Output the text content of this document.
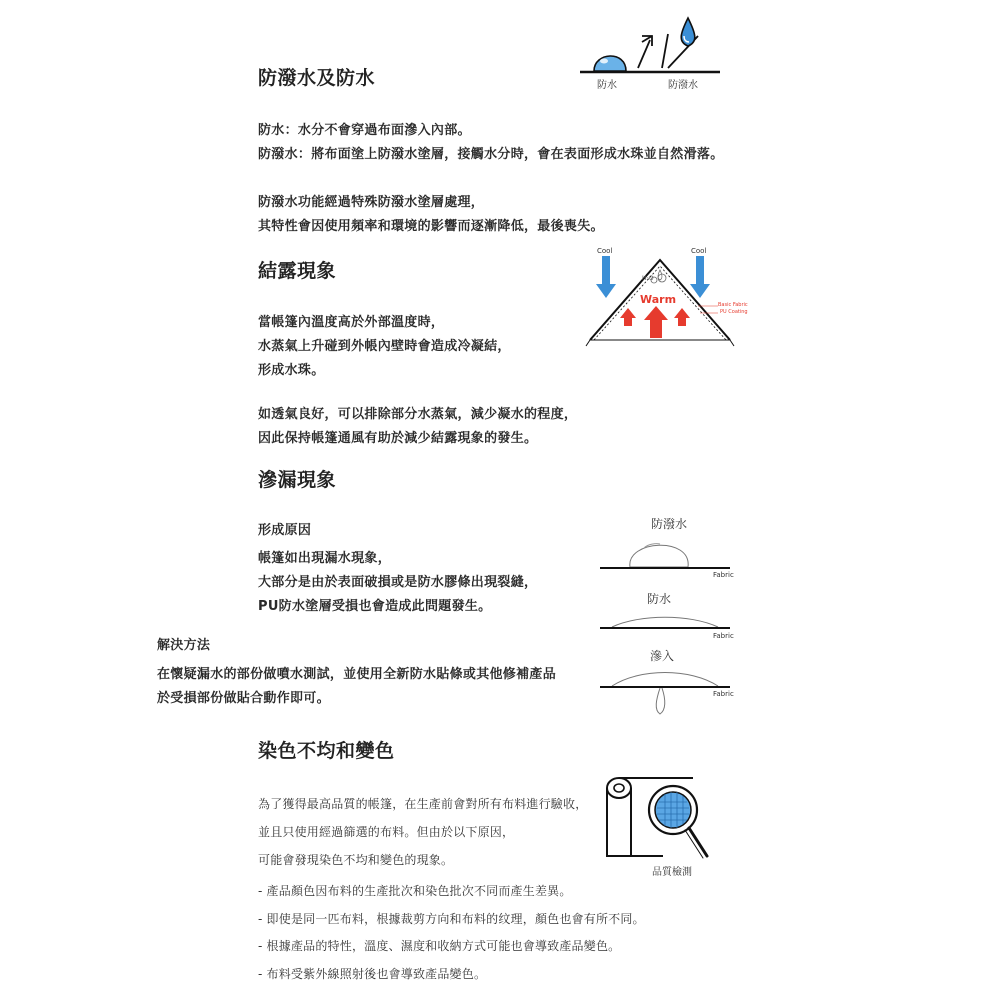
防潑水及防水
防水：水分不會穿過布面滲入內部。
防潑水：將布面塗上防潑水塗層，接觸水分時，會在表面形成水珠並自然滑落。
防潑水功能經過特殊防潑水塗層處理，
其特性會因使用頻率和環境的影響而逐漸降低，最後喪失。
防水	防潑水
結露現象
當帳篷內溫度高於外部溫度時，
水蒸氣上升碰到外帳內壁時會造成冷凝結，
形成水珠。
如透氣良好，可以排除部分水蒸氣，減少凝水的程度，
因此保持帳篷通風有助於減少結露現象的發生。
Cool	Cool
H₂O
Warm	Basic Fabric
PU Coating
滲漏現象
形成原因
帳篷如出現漏水現象，
大部分是由於表面破損或是防水膠條出現裂縫，
PU防水塗層受損也會造成此問題發生。
解決方法
在懷疑漏水的部份做噴水測試，並使用全新防水貼條或其他修補產品
於受損部份做貼合動作即可。
防潑水
Fabric
防水
Fabric
滲入
Fabric
染色不均和變色
為了獲得最高品質的帳篷，在生產前會對所有布料進行驗收，
並且只使用經過篩選的布料。但由於以下原因，
可能會發現染色不均和變色的現象。
- 產品顏色因布料的生產批次和染色批次不同而產生差異。
- 即使是同一匹布料，根據裁剪方向和布料的纹理，顏色也會有所不同。
- 根據產品的特性，溫度、濕度和收納方式可能也會導致產品變色。
- 布料受紫外線照射後也會導致產品變色。
品質檢測
